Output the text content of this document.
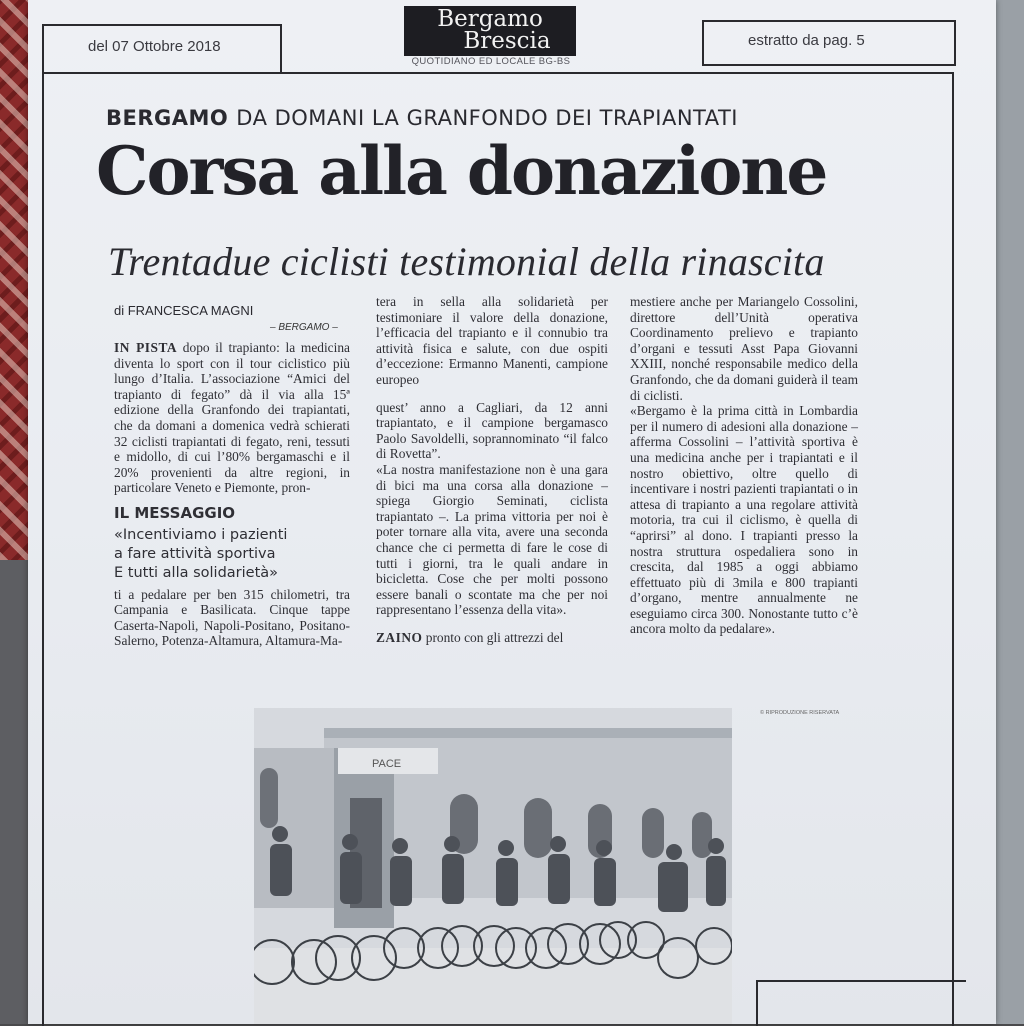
del 07 Ottobre 2018
Bergamo
Brescia
QUOTIDIANO ED LOCALE BG-BS
estratto da pag. 5
BERGAMO DA DOMANI LA GRANFONDO DEI TRAPIANTATI
Corsa alla donazione
Trentadue ciclisti testimonial della rinascita
di FRANCESCA MAGNI
– BERGAMO –

IN PISTA dopo il trapianto: la medicina diventa lo sport con il tour ciclistico più lungo d’Italia. L’associazione “Amici del trapianto di fegato” dà il via alla 15ª edizione della Granfondo dei trapiantati, che da domani a domenica vedrà schierati 32 ciclisti trapiantati di fegato, reni, tessuti e midollo, di cui l’80% bergamaschi e il 20% provenienti da altre regioni, in particolare Veneto e Piemonte, pron-

IL MESSAGGIO
«Incentiviamo i pazienti
a fare attività sportiva
E tutti alla solidarietà»

ti a pedalare per ben 315 chilometri, tra Campania e Basilicata. Cinque tappe Caserta-Napoli, Napoli-Positano, Positano-Salerno, Potenza-Altamura, Altamura-Ma-

tera in sella alla solidarietà per testimoniare il valore della donazione, l’efficacia del trapianto e il connubio tra attività fisica e salute, con due ospiti d’eccezione: Ermanno Manenti, campione europeo

quest’ anno a Cagliari, da 12 anni trapiantato, e il campione bergamasco Paolo Savoldelli, soprannominato “il falco di Rovetta”.

«La nostra manifestazione non è una gara di bici ma una corsa alla donazione – spiega Giorgio Seminati, ciclista trapiantato –. La prima vittoria per noi è poter tornare alla vita, avere una seconda chance che ci permetta di fare le cose di tutti i giorni, tra le quali andare in bicicletta. Cose che per molti possono essere banali o scontate ma che per noi rappresentano l’essenza della vita».

ZAINO pronto con gli attrezzi del

mestiere anche per Mariangelo Cossolini, direttore dell’Unità operativa Coordinamento prelievo e trapianto d’organi e tessuti Asst Papa Giovanni XXIII, nonché responsabile medico della Granfondo, che da domani guiderà il team di ciclisti.

«Bergamo è la prima città in Lombardia per il numero di adesioni alla donazione – afferma Cossolini – l’attività sportiva è una medicina anche per i trapiantati e il nostro obiettivo, oltre quello di incentivare i nostri pazienti trapiantati o in attesa di trapianto a una regolare attività motoria, tra cui il ciclismo, è quella di “aprirsi” al dono. I trapianti presso la nostra struttura ospedaliera sono in crescita, dal 1985 a oggi abbiamo effettuato più di 3mila e 800 trapianti d’organo, mentre annualmente ne eseguiamo circa 300. Nonostante tutto c’è ancora molto da pedalare».

© RIPRODUZIONE RISERVATA
PACE
